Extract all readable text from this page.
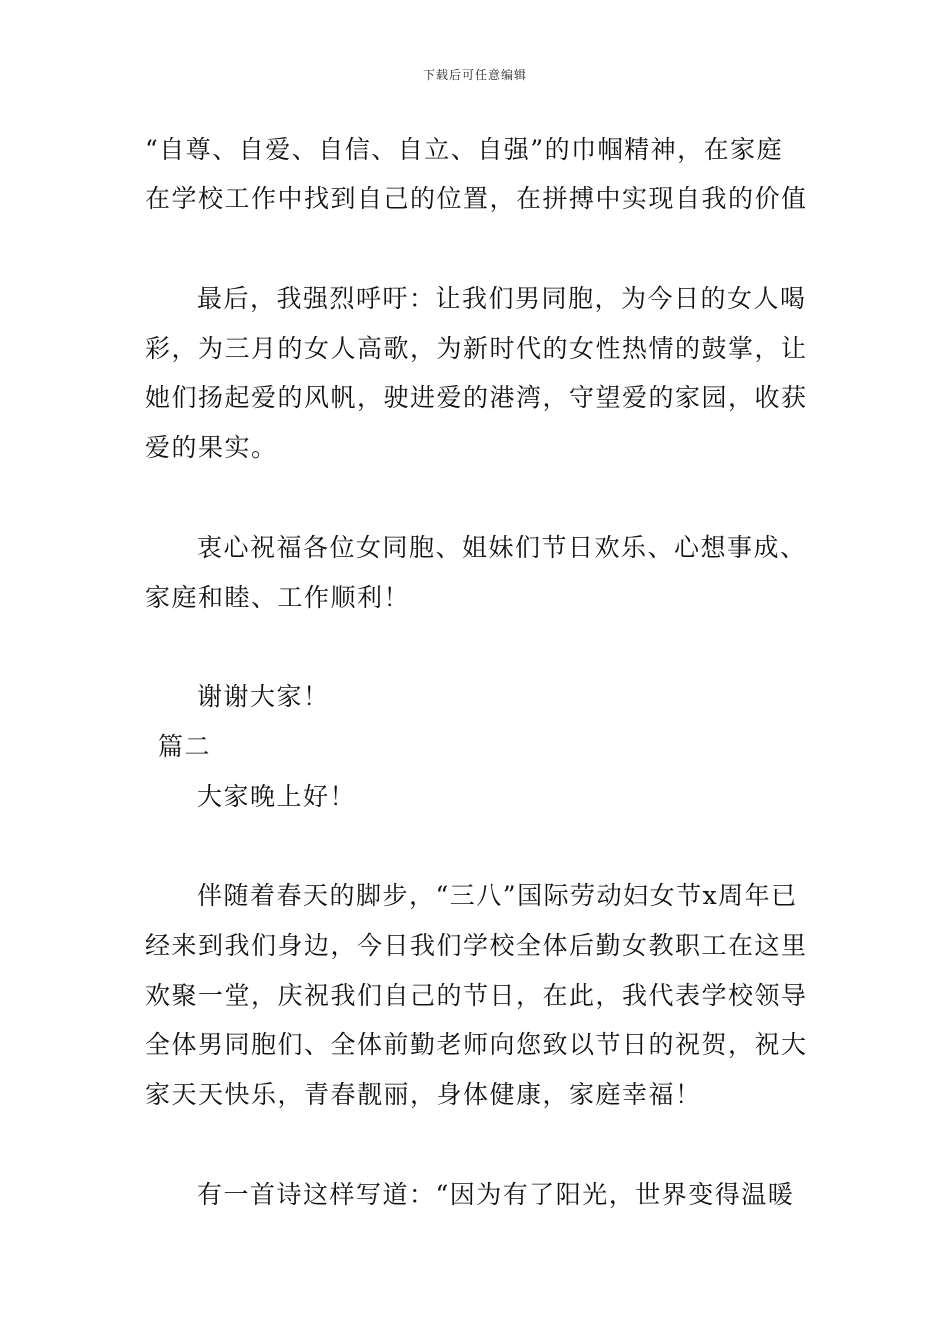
下载后可任意编辑
“自尊、自爱、自信、自立、自强”的巾帼精神，在家庭
在学校工作中找到自己的位置，在拼搏中实现自我的价值
最后，我强烈呼吁：让我们男同胞，为今日的女人喝
彩，为三月的女人高歌，为新时代的女性热情的鼓掌，让
她们扬起爱的风帆，驶进爱的港湾，守望爱的家园，收获
爱的果实。
衷心祝福各位女同胞、姐妹们节日欢乐、心想事成、
家庭和睦、工作顺利！
谢谢大家！
篇二
大家晚上好！
伴随着春天的脚步，“三八”国际劳动妇女节x周年已
经来到我们身边，今日我们学校全体后勤女教职工在这里
欢聚一堂，庆祝我们自己的节日，在此，我代表学校领导
全体男同胞们、全体前勤老师向您致以节日的祝贺，祝大
家天天快乐，青春靓丽，身体健康，家庭幸福！
有一首诗这样写道：“因为有了阳光，世界变得温暖
